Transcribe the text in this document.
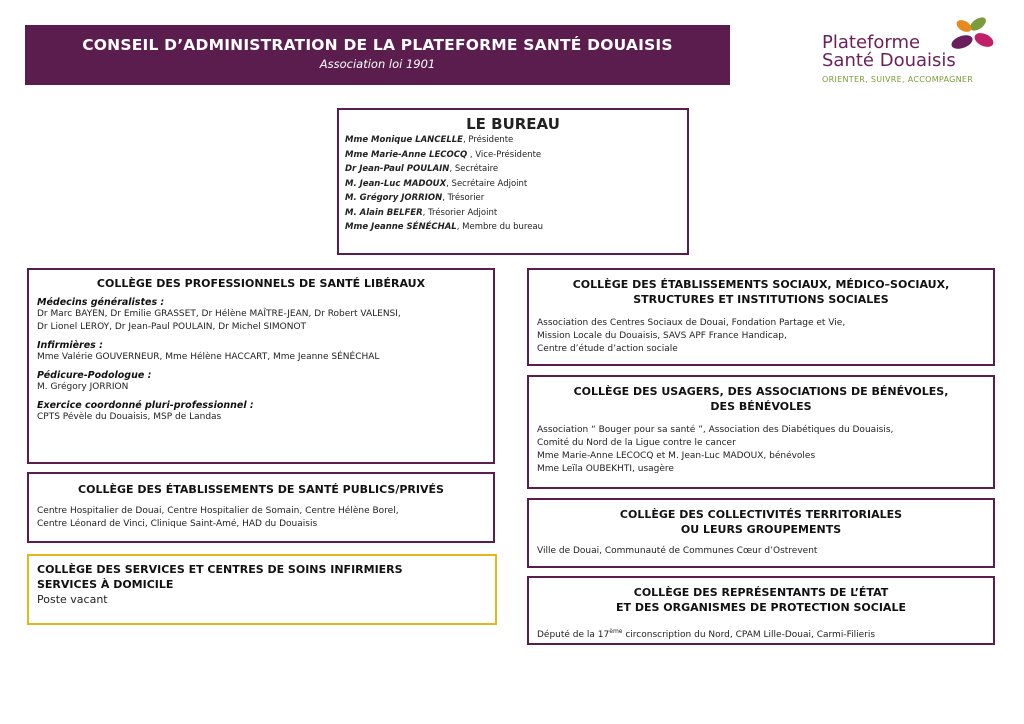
CONSEIL D’ADMINISTRATION DE LA PLATEFORME SANTÉ DOUAISIS
Association loi 1901
Plateforme
Santé Douaisis
ORIENTER, SUIVRE, ACCOMPAGNER
LE BUREAU
Mme Monique LANCELLE, Présidente
Mme Marie-Anne LECOCQ , Vice-Présidente
Dr Jean-Paul POULAIN, Secrétaire
M. Jean-Luc MADOUX, Secrétaire Adjoint
M. Grégory JORRION, Trésorier
M. Alain BELFER, Trésorier Adjoint
Mme Jeanne SÉNÉCHAL, Membre du bureau
COLLÈGE DES PROFESSIONNELS DE SANTÉ LIBÉRAUX
Médecins généralistes :
Dr Marc BAYEN, Dr Emilie GRASSET, Dr Hélène MAÎTRE-JEAN, Dr Robert VALENSI,
Dr Lionel LEROY, Dr Jean-Paul POULAIN, Dr Michel SIMONOT
Infirmières :
Mme Valérie GOUVERNEUR, Mme Hélène HACCART, Mme Jeanne SÉNÉCHAL
Pédicure-Podologue :
M. Grégory JORRION
Exercice coordonné pluri-professionnel :
CPTS Pévèle du Douaisis, MSP de Landas
COLLÈGE DES ÉTABLISSEMENTS DE SANTÉ PUBLICS/PRIVÉS
Centre Hospitalier de Douai, Centre Hospitalier de Somain, Centre Hélène Borel,
Centre Léonard de Vinci, Clinique Saint-Amé, HAD du Douaisis
COLLÈGE DES SERVICES ET CENTRES DE SOINS INFIRMIERS
SERVICES À DOMICILE
Poste vacant
COLLÈGE DES ÉTABLISSEMENTS SOCIAUX, MÉDICO–SOCIAUX,
STRUCTURES ET INSTITUTIONS SOCIALES
Association des Centres Sociaux de Douai, Fondation Partage et Vie,
Mission Locale du Douaisis, SAVS APF France Handicap,
Centre d’étude d’action sociale
COLLÈGE DES USAGERS, DES ASSOCIATIONS DE BÉNÉVOLES,
DES BÉNÉVOLES
Association “ Bouger pour sa santé ”, Association des Diabétiques du Douaisis,
Comité du Nord de la Ligue contre le cancer
Mme Marie-Anne LECOCQ et M. Jean-Luc MADOUX, bénévoles
Mme Leïla OUBEKHTI, usagère
COLLÈGE DES COLLECTIVITÉS TERRITORIALES
OU LEURS GROUPEMENTS
Ville de Douai, Communauté de Communes Cœur d’Ostrevent
COLLÈGE DES REPRÉSENTANTS DE L’ÉTAT
ET DES ORGANISMES DE PROTECTION SOCIALE
Député de la 17ème circonscription du Nord, CPAM Lille-Douai, Carmi-Filieris
